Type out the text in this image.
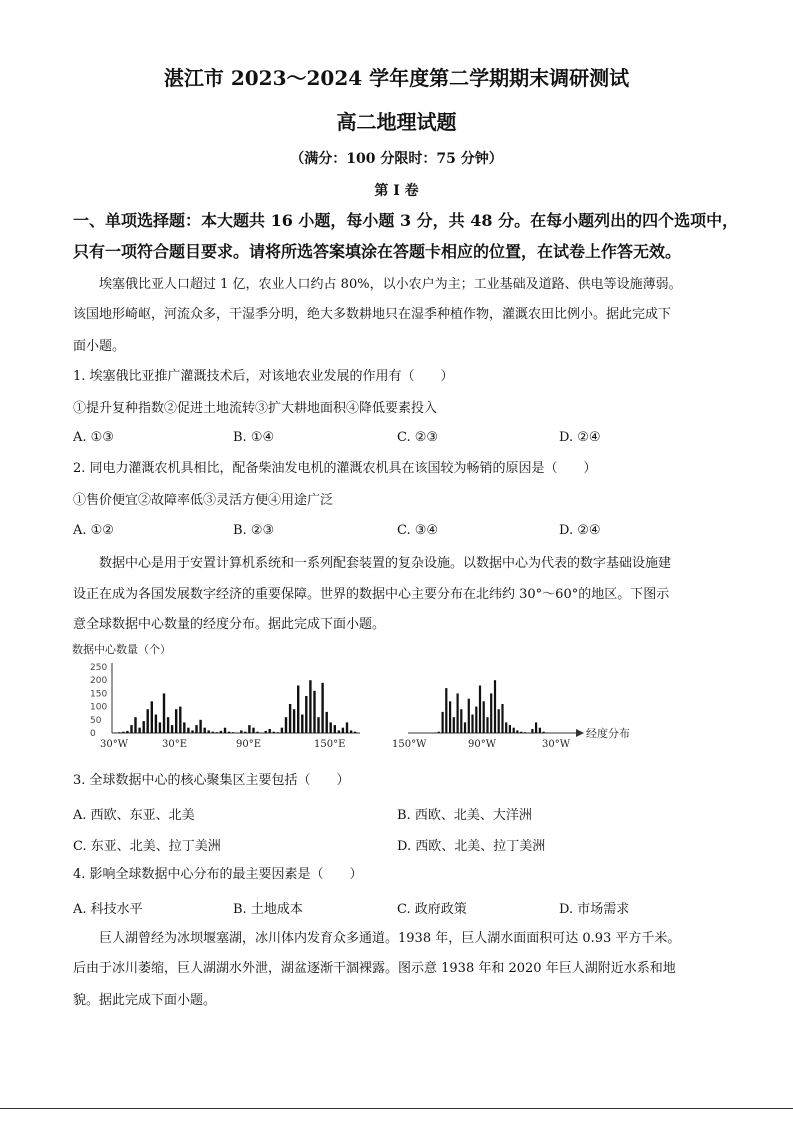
湛江市 2023～2024 学年度第二学期期末调研测试
高二地理试题
（满分：100 分限时：75 分钟）
第 I 卷
一、单项选择题：本大题共 16 小题，每小题 3 分，共 48 分。在每小题列出的四个选项中，
只有一项符合题目要求。请将所选答案填涂在答题卡相应的位置，在试卷上作答无效。
埃塞俄比亚人口超过 1 亿，农业人口约占 80%，以小农户为主；工业基础及道路、供电等设施薄弱。
该国地形崎岖，河流众多，干湿季分明，绝大多数耕地只在湿季种植作物，灌溉农田比例小。据此完成下
面小题。
1. 埃塞俄比亚推广灌溉技术后，对该地农业发展的作用有（　　）
①提升复种指数②促进土地流转③扩大耕地面积④降低要素投入
A. ①③	B. ①④	C. ②③	D. ②④
2. 同电力灌溉农机具相比，配备柴油发电机的灌溉农机具在该国较为畅销的原因是（　　）
①售价便宜②故障率低③灵活方便④用途广泛
A. ①②	B. ②③	C. ③④	D. ②④
数据中心是用于安置计算机系统和一系列配套装置的复杂设施。以数据中心为代表的数字基础设施建
设正在成为各国发展数字经济的重要保障。世界的数据中心主要分布在北纬约 30°～60°的地区。下图示
意全球数据中心数量的经度分布。据此完成下面小题。
数据中心数量（个）
250
200
150
100
50
0
30°W	30°E	90°E	150°E	150°W	90°W	30°W
经度分布
3. 全球数据中心的核心聚集区主要包括（　　）
A. 西欧、东亚、北美	B. 西欧、北美、大洋洲
C. 东亚、北美、拉丁美洲	D. 西欧、北美、拉丁美洲
4. 影响全球数据中心分布的最主要因素是（　　）
A. 科技水平	B. 土地成本	C. 政府政策	D. 市场需求
巨人湖曾经为冰坝堰塞湖，冰川体内发育众多通道。1938 年，巨人湖水面面积可达 0.93 平方千米。
后由于冰川萎缩，巨人湖湖水外泄，湖盆逐渐干涸裸露。图示意 1938 年和 2020 年巨人湖附近水系和地
貌。据此完成下面小题。
